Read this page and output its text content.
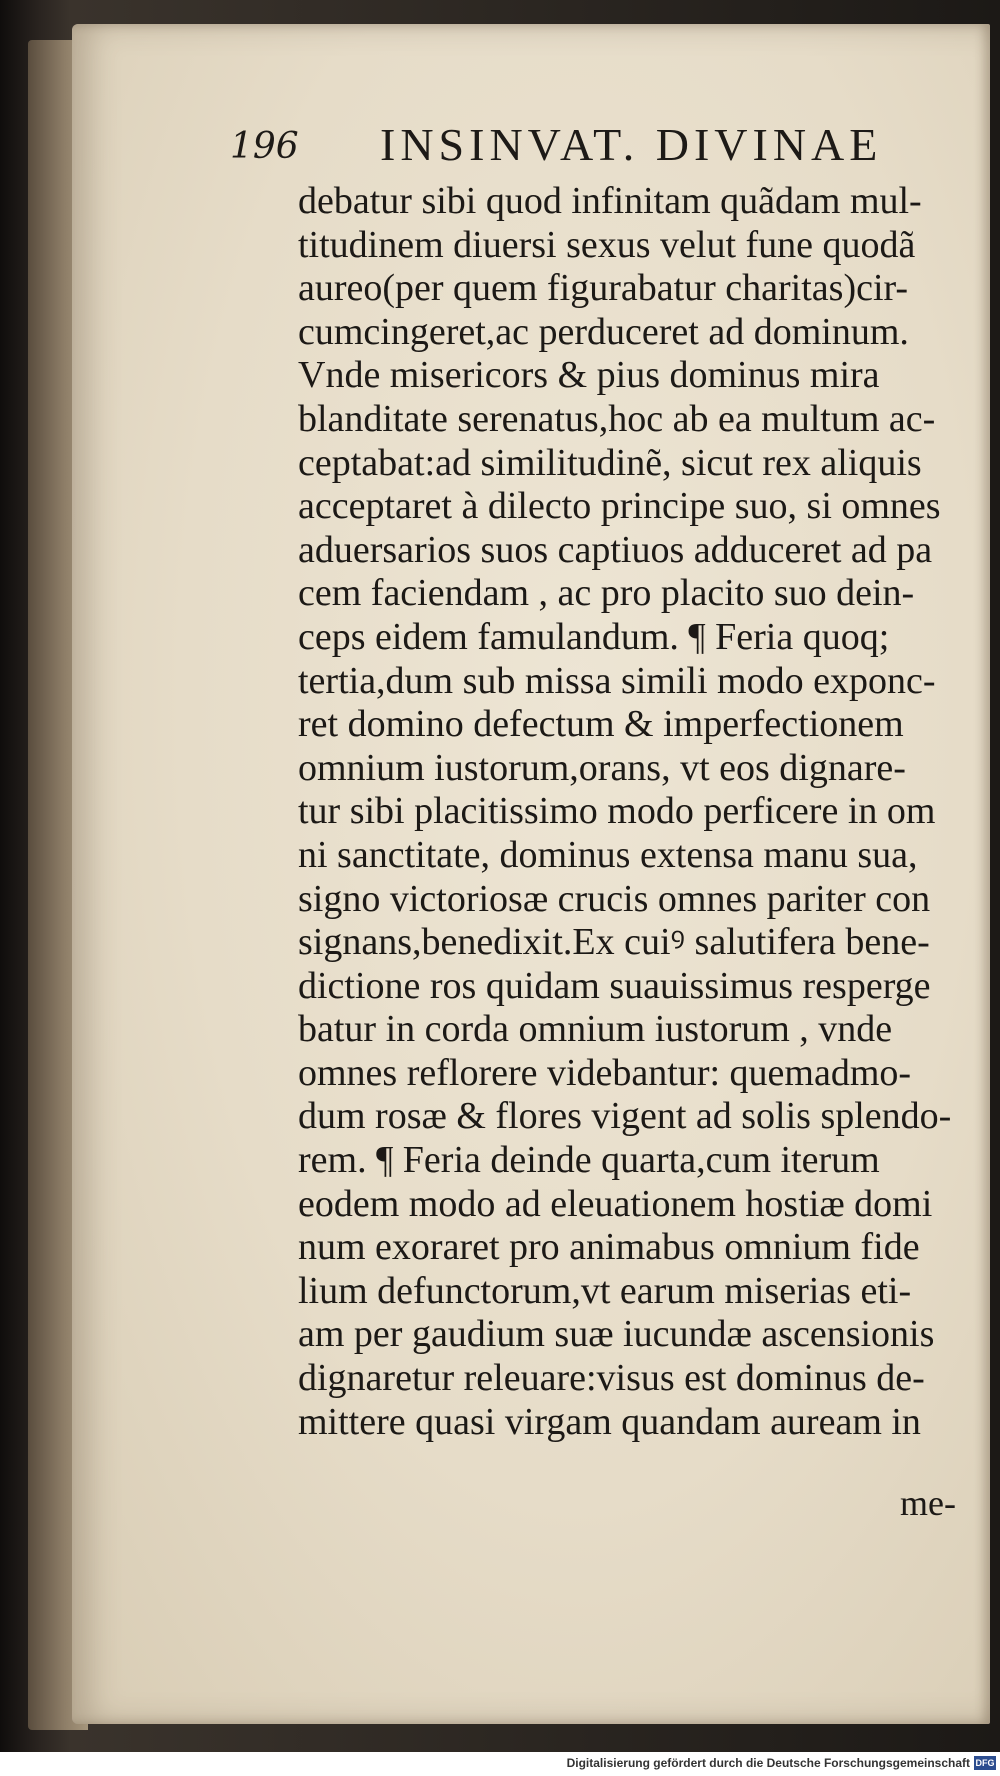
196 INSINVAT. DIVINAE
debatur sibi quod infinitam quãdam mul-
titudinem diuersi sexus velut fune quodã
aureo(per quem figurabatur charitas)cir-
cumcingeret,ac perduceret ad dominum.
Vnde misericors & pius dominus mira
blanditate serenatus,hoc ab ea multum ac-
ceptabat:ad similitudinẽ, sicut rex aliquis
acceptaret à dilecto principe suo, si omnes
aduersarios suos captiuos adduceret ad pa
cem faciendam , ac pro placito suo dein-
ceps eidem famulandum. ¶ Feria quoq;
tertia,dum sub missa simili modo exponc-
ret domino defectum & imperfectionem
omnium iustorum,orans, vt eos dignare-
tur sibi placitissimo modo perficere in om
ni sanctitate, dominus extensa manu sua,
signo victoriosæ crucis omnes pariter con
signans,benedixit.Ex cuiꝰ salutifera bene-
dictione ros quidam suauissimus resperge
batur in corda omnium iustorum , vnde
omnes reflorere videbantur: quemadmo-
dum rosæ & flores vigent ad solis splendo-
rem. ¶ Feria deinde quarta,cum iterum
eodem modo ad eleuationem hostiæ domi
num exoraret pro animabus omnium fide
lium defunctorum,vt earum miserias eti-
am per gaudium suæ iucundæ ascensionis
dignaretur releuare:visus est dominus de-
mittere quasi virgam quandam auream in
me-
Digitalisierung gefördert durch die Deutsche Forschungsgemeinschaft DFG
